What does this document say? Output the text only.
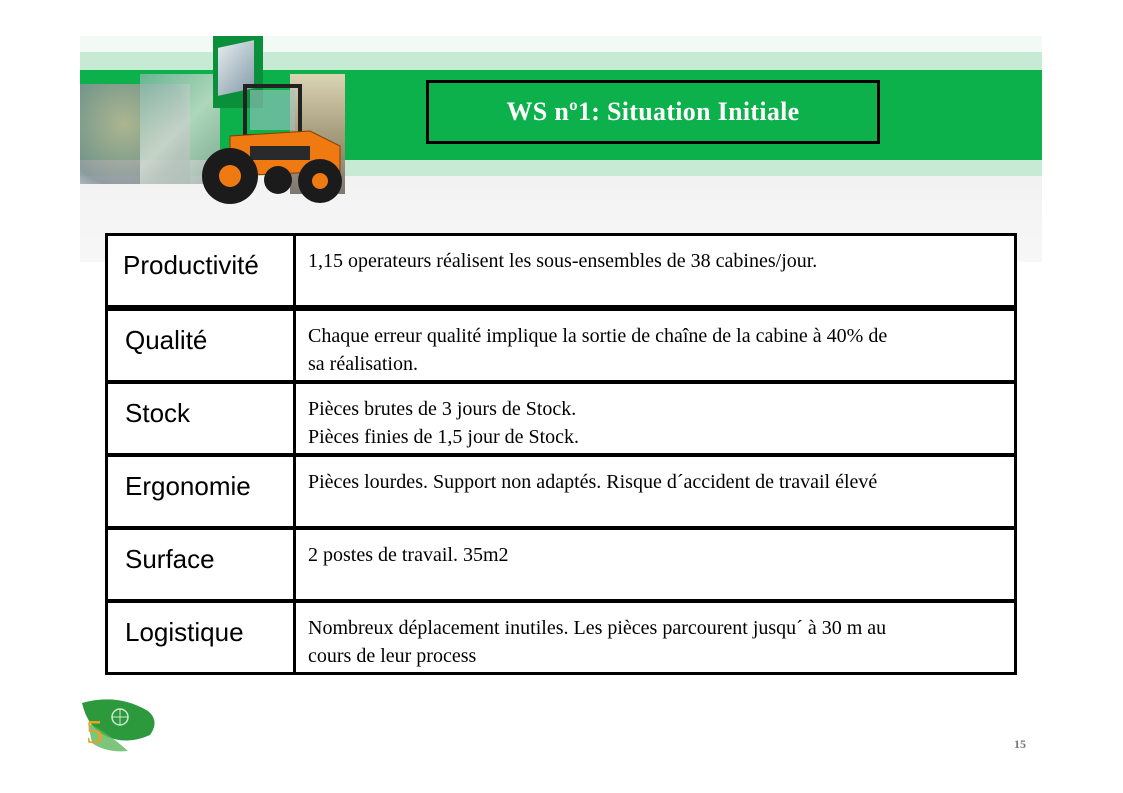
WS nº1: Situation Initiale
Productivité 1,15 operateurs réalisent les sous-ensembles de 38 cabines/jour.
Qualité	Chaque erreur qualité implique la sortie de chaîne de la cabine à 40% de
sa réalisation.
Stock	Pièces brutes de 3 jours de Stock.
Pièces finies de 1,5 jour de Stock.
Ergonomie	Pièces lourdes. Support non adaptés. Risque d´accident de travail élevé
Surface	2 postes de travail. 35m2
Logistique	Nombreux déplacement inutiles. Les pièces parcourent jusqu´ à 30 m au
cours de leur process
5	15
